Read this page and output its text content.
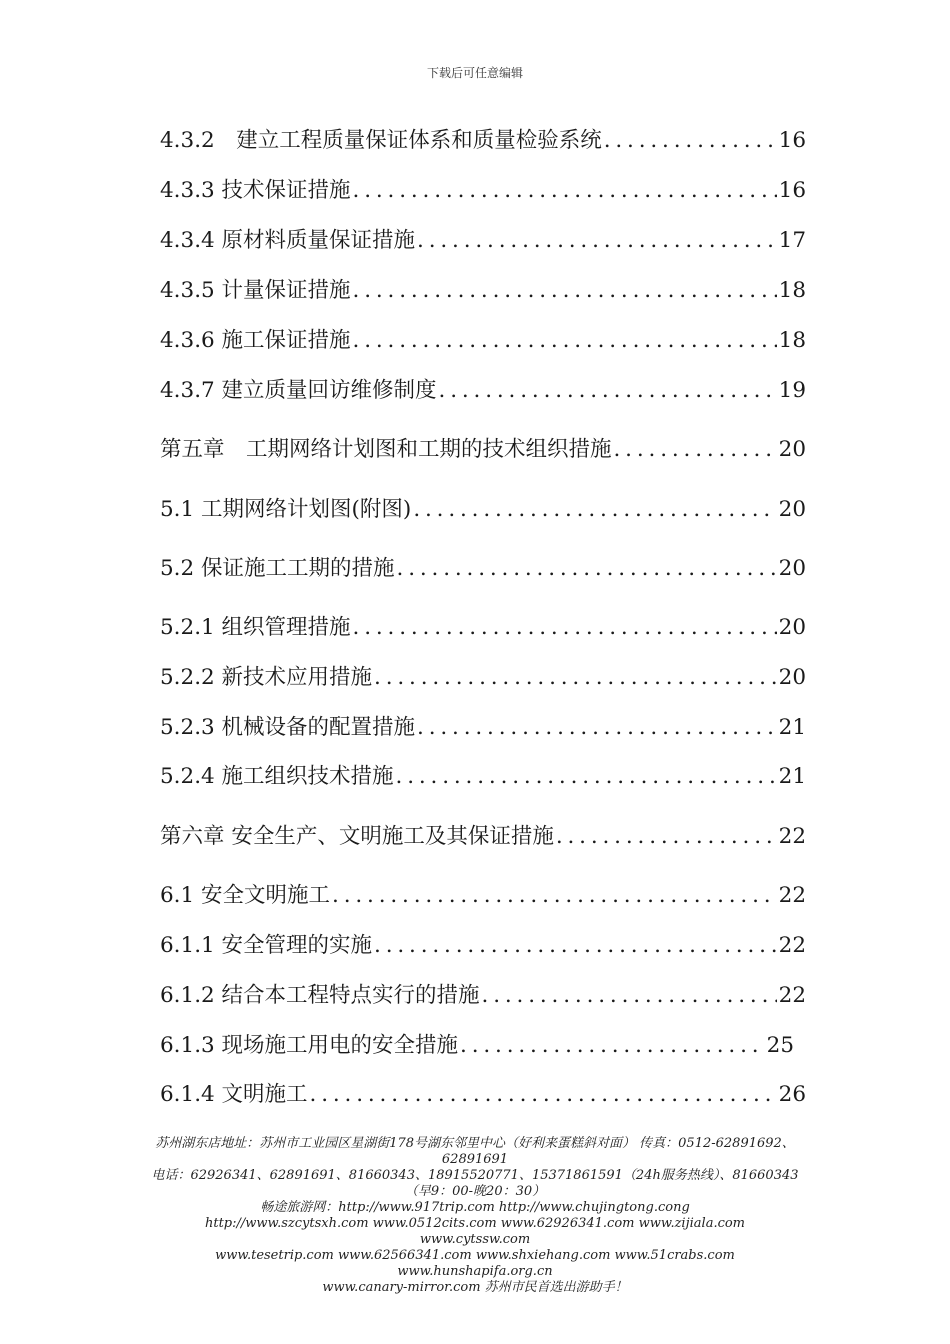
下载后可任意编辑
4.3.2　建立工程质量保证体系和质量检验系统 . . .	16
4.3.3 技术保证措施 . . .	16
4.3.4 原材料质量保证措施 . . .	17
4.3.5 计量保证措施 . . .	18
4.3.6 施工保证措施 . . .	18
4.3.7 建立质量回访维修制度 . . .	19
第五章　工期网络计划图和工期的技术组织措施 . . .	20
5.1 工期网络计划图(附图) . . .	20
5.2 保证施工工期的措施 . . .	20
5.2.1 组织管理措施 . . .	20
5.2.2 新技术应用措施 . . .	20
5.2.3 机械设备的配置措施 . . .	21
5.2.4 施工组织技术措施 . . .	21
第六章 安全生产、文明施工及其保证措施 . . .	22
6.1 安全文明施工 . . .	22
6.1.1 安全管理的实施 . . .	22
6.1.2 结合本工程特点实行的措施 . . .	22
6.1.3 现场施工用电的安全措施 . . .	25
6.1.4 文明施工 . . .	26
苏州湖东店地址：苏州市工业园区星湖街178号湖东邻里中心（好利来蛋糕斜对面） 传真：0512-62891692、62891691
电话：62926341、62891691、81660343、18915520771、15371861591（24h服务热线）、81660343（早9：00-晚20：30）
畅途旅游网：http://www.917trip.com http://www.chujingtong.cong
http://www.szcytsxh.com www.0512cits.com www.62926341.com www.zijiala.com www.cytssw.com
www.tesetrip.com www.62566341.com www.shxiehang.com www.51crabs.com www.hunshapifa.org.cn
www.canary-mirror.com 苏州市民首选出游助手！
